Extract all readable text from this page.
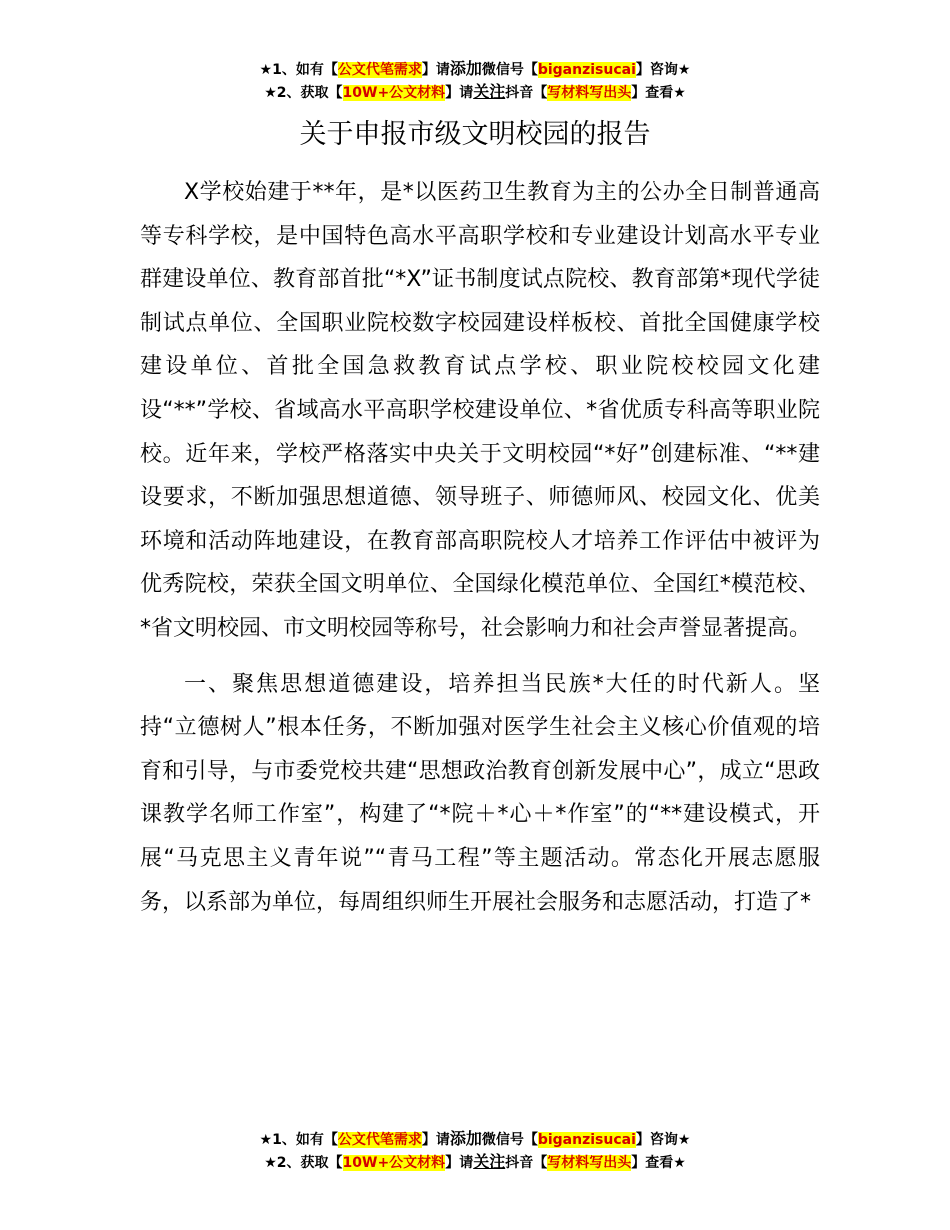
★1、如有【公文代笔需求】请添加微信号【biganzisucai】咨询★
★2、获取【10W+公文材料】请关注抖音【写材料写出头】查看★
关于申报市级文明校园的报告

X学校始建于**年，是*以医药卫生教育为主的公办全日制普通高等专科学校，是中国特色高水平高职学校和专业建设计划高水平专业群建设单位、教育部首批“*X”证书制度试点院校、教育部第*现代学徒制试点单位、全国职业院校数字校园建设样板校、首批全国健康学校建设单位、首批全国急救教育试点学校、职业院校校园文化建设“**”学校、省域高水平高职学校建设单位、*省优质专科高等职业院校。近年来，学校严格落实中央关于文明校园“*好”创建标准、“**建设要求，不断加强思想道德、领导班子、师德师风、校园文化、优美环境和活动阵地建设，在教育部高职院校人才培养工作评估中被评为优秀院校，荣获全国文明单位、全国绿化模范单位、全国红*模范校、*省文明校园、市文明校园等称号，社会影响力和社会声誉显著提高。

一、聚焦思想道德建设，培养担当民族*大任的时代新人。坚持“立德树人”根本任务，不断加强对医学生社会主义核心价值观的培育和引导，与市委党校共建“思想政治教育创新发展中心”，成立“思政课教学名师工作室”，构建了“*院＋*心＋*作室”的“**建设模式，开展“马克思主义青年说”“青马工程”等主题活动。常态化开展志愿服务，以系部为单位，每周组织师生开展社会服务和志愿活动，打造了*

★1、如有【公文代笔需求】请添加微信号【biganzisucai】咨询★
★2、获取【10W+公文材料】请关注抖音【写材料写出头】查看★
